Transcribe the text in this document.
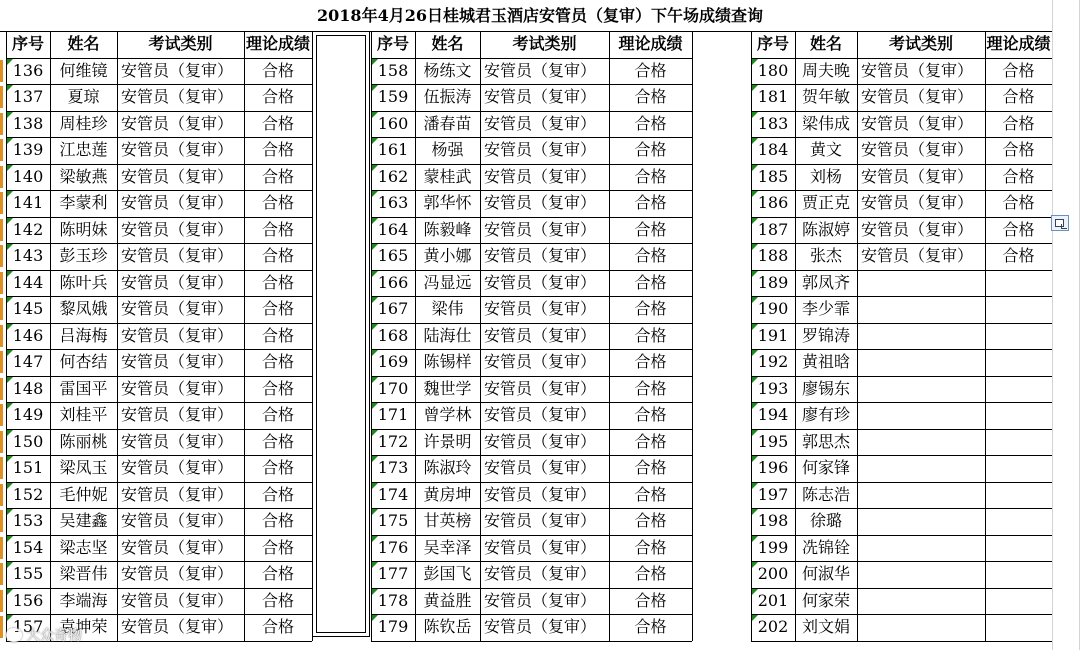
2018年4月26日桂城君玉酒店安管员（复审）下午场成绩查询
序号	姓名	考试类别	理论成绩	序号	姓名	考试类别	理论成绩	序号	姓名	考试类别	理论成绩
136	何维镜 安管员（复审）	合格
137	夏琼	安管员（复审）	合格
138	周桂珍 安管员（复审）	合格
139	江忠莲 安管员（复审）	合格
140	梁敏燕 安管员（复审）	合格
141	李蒙利 安管员（复审）	合格
142	陈明妹 安管员（复审）	合格
143	彭玉珍 安管员（复审）	合格
144	陈叶兵 安管员（复审）	合格
145	黎凤娥 安管员（复审）	合格
146	吕海梅 安管员（复审）	合格
147	何杏结 安管员（复审）	合格
148	雷国平 安管员（复审）	合格
149	刘桂平 安管员（复审）	合格
150	陈丽桃 安管员（复审）	合格
151	梁凤玉 安管员（复审）	合格
152	毛仲妮 安管员（复审）	合格
153	吴建鑫 安管员（复审）	合格
154	梁志坚 安管员（复审）	合格
155	梁晋伟 安管员（复审）	合格
156	李端海 安管员（复审）	合格
157	袁坤荣 安管员（复审）	合格
158 杨练文 安管员（复审）	合格
159 伍振涛 安管员（复审）	合格
160 潘春苗 安管员（复审）	合格
161	杨强	安管员（复审）	合格
162 蒙桂武 安管员（复审）	合格
163 郭华怀 安管员（复审）	合格
164 陈毅峰 安管员（复审）	合格
165 黄小娜 安管员（复审）	合格
166 冯显远 安管员（复审）	合格
167	梁伟	安管员（复审）	合格
168 陆海仕 安管员（复审）	合格
169 陈锡样 安管员（复审）	合格
170 魏世学 安管员（复审）	合格
171 曾学林 安管员（复审）	合格
172 许景明 安管员（复审）	合格
173 陈淑玲 安管员（复审）	合格
174 黄房坤 安管员（复审）	合格
175 甘英榜 安管员（复审）	合格
176 吴幸泽 安管员（复审）	合格
177 彭国飞 安管员（复审）	合格
178 黄益胜 安管员（复审）	合格
179 陈钦岳 安管员（复审）	合格
180 周夫晚 安管员（复审）	合格
181 贺年敏 安管员（复审）	合格
183 梁伟成 安管员（复审）	合格
184	黄文	安管员（复审）	合格
185	刘杨	安管员（复审）	合格
186 贾正克 安管员（复审）	合格
187 陈淑婷 安管员（复审）	合格
188	张杰	安管员（复审）	合格
189 郭凤齐
190 李少霏
191 罗锦涛
192 黄祖晗
193 廖锡东
194 廖有珍
195 郭思杰
196 何家锋
197 陈志浩
198	徐璐
199 冼锦铨
200 何淑华
201 何家荣
202 刘文娟
大众奇物
